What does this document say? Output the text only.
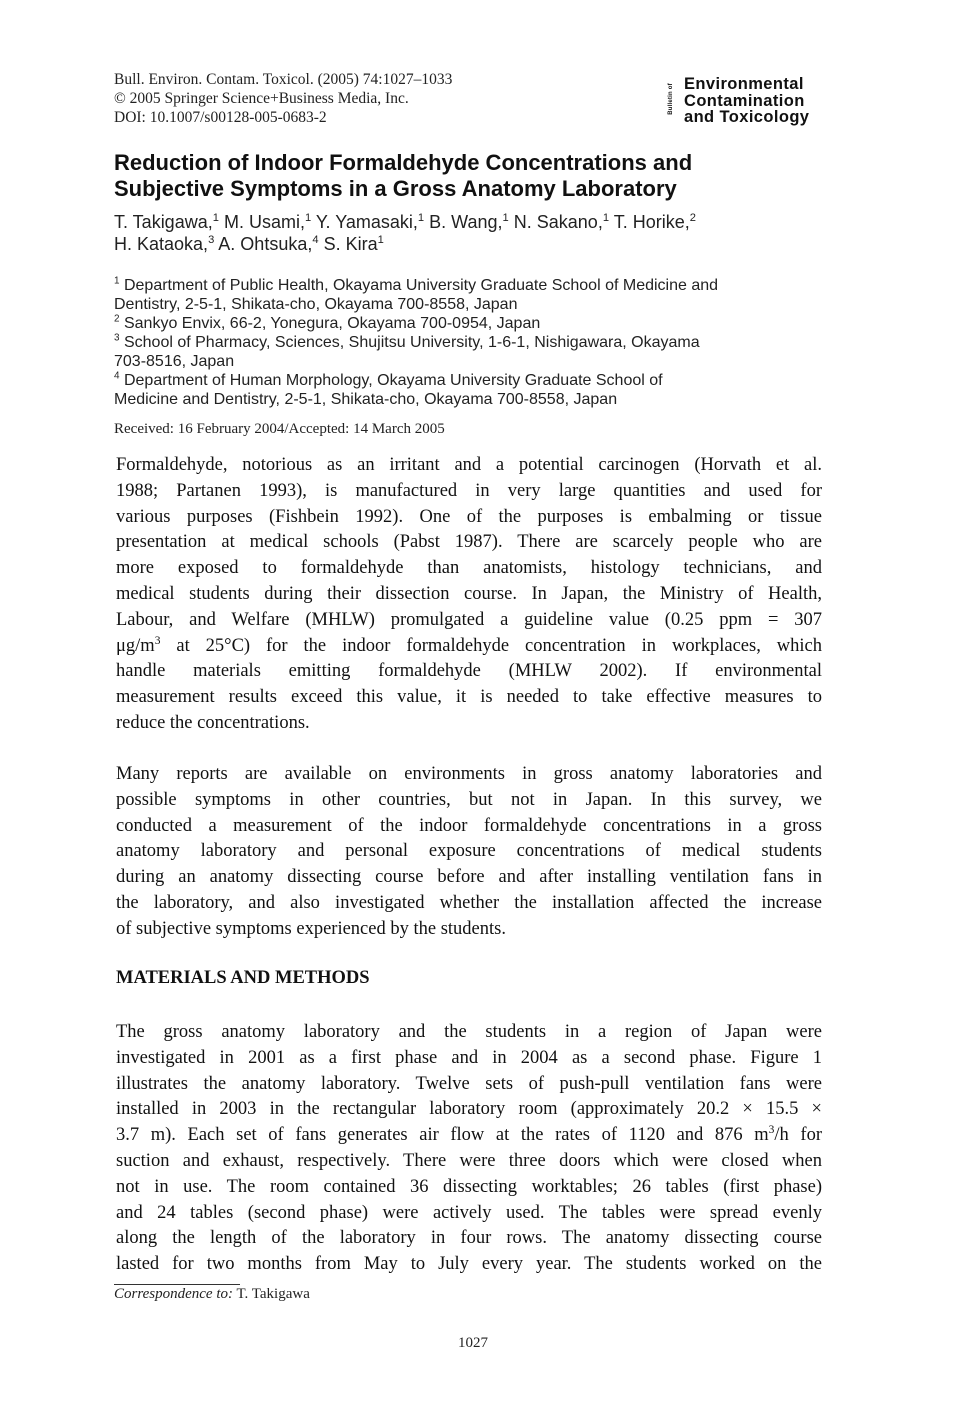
Bull. Environ. Contam. Toxicol. (2005) 74:1027–1033
© 2005 Springer Science+Business Media, Inc.
DOI: 10.1007/s00128-005-0683-2
Bulletin of Environmental
Contamination
and Toxicology
Reduction of Indoor Formaldehyde Concentrations and
Subjective Symptoms in a Gross Anatomy Laboratory
T. Takigawa,$^1$ M. Usami,$^1$ Y. Yamasaki,$^1$ B. Wang,$^1$ N. Sakano,$^1$ T. Horike,$^2$
H. Kataoka,$^3$ A. Ohtsuka,$^4$ S. Kira$^1$
$^1$ Department of Public Health, Okayama University Graduate School of Medicine and
Dentistry, 2-5-1, Shikata-cho, Okayama 700-8558, Japan
$^2$ Sankyo Envix, 66-2, Yonegura, Okayama 700-0954, Japan
$^3$ School of Pharmacy, Sciences, Shujitsu University, 1-6-1, Nishigawara, Okayama
703-8516, Japan
$^4$ Department of Human Morphology, Okayama University Graduate School of
Medicine and Dentistry, 2-5-1, Shikata-cho, Okayama 700-8558, Japan
Received: 16 February 2004/Accepted: 14 March 2005
Formaldehyde, notorious as an irritant and a potential carcinogen (Horvath et al.
1988; Partanen 1993), is manufactured in very large quantities and used for
various purposes (Fishbein 1992). One of the purposes is embalming or tissue
presentation at medical schools (Pabst 1987). There are scarcely people who are
more exposed to formaldehyde than anatomists, histology technicians, and
medical students during their dissection course. In Japan, the Ministry of Health,
Labour, and Welfare (MHLW) promulgated a guideline value (0.25 ppm = 307
$\mu g/m^3$ at 25°C) for the indoor formaldehyde concentration in workplaces, which
handle materials emitting formaldehyde (MHLW 2002). If environmental
measurement results exceed this value, it is needed to take effective measures to
reduce the concentrations.
Many reports are available on environments in gross anatomy laboratories and
possible symptoms in other countries, but not in Japan. In this survey, we
conducted a measurement of the indoor formaldehyde concentrations in a gross
anatomy laboratory and personal exposure concentrations of medical students
during an anatomy dissecting course before and after installing ventilation fans in
the laboratory, and also investigated whether the installation affected the increase
of subjective symptoms experienced by the students.
MATERIALS AND METHODS
The gross anatomy laboratory and the students in a region of Japan were
investigated in 2001 as a first phase and in 2004 as a second phase. Figure 1
illustrates the anatomy laboratory. Twelve sets of push-pull ventilation fans were
installed in 2003 in the rectangular laboratory room (approximately 20.2 × 15.5 ×
3.7 m). Each set of fans generates air flow at the rates of 1120 and 876 $m^3/h$ for
suction and exhaust, respectively. There were three doors which were closed when
not in use. The room contained 36 dissecting worktables; 26 tables (first phase)
and 24 tables (second phase) were actively used. The tables were spread evenly
along the length of the laboratory in four rows. The anatomy dissecting course
lasted for two months from May to July every year. The students worked on the
Correspondence to: T. Takigawa
1027
